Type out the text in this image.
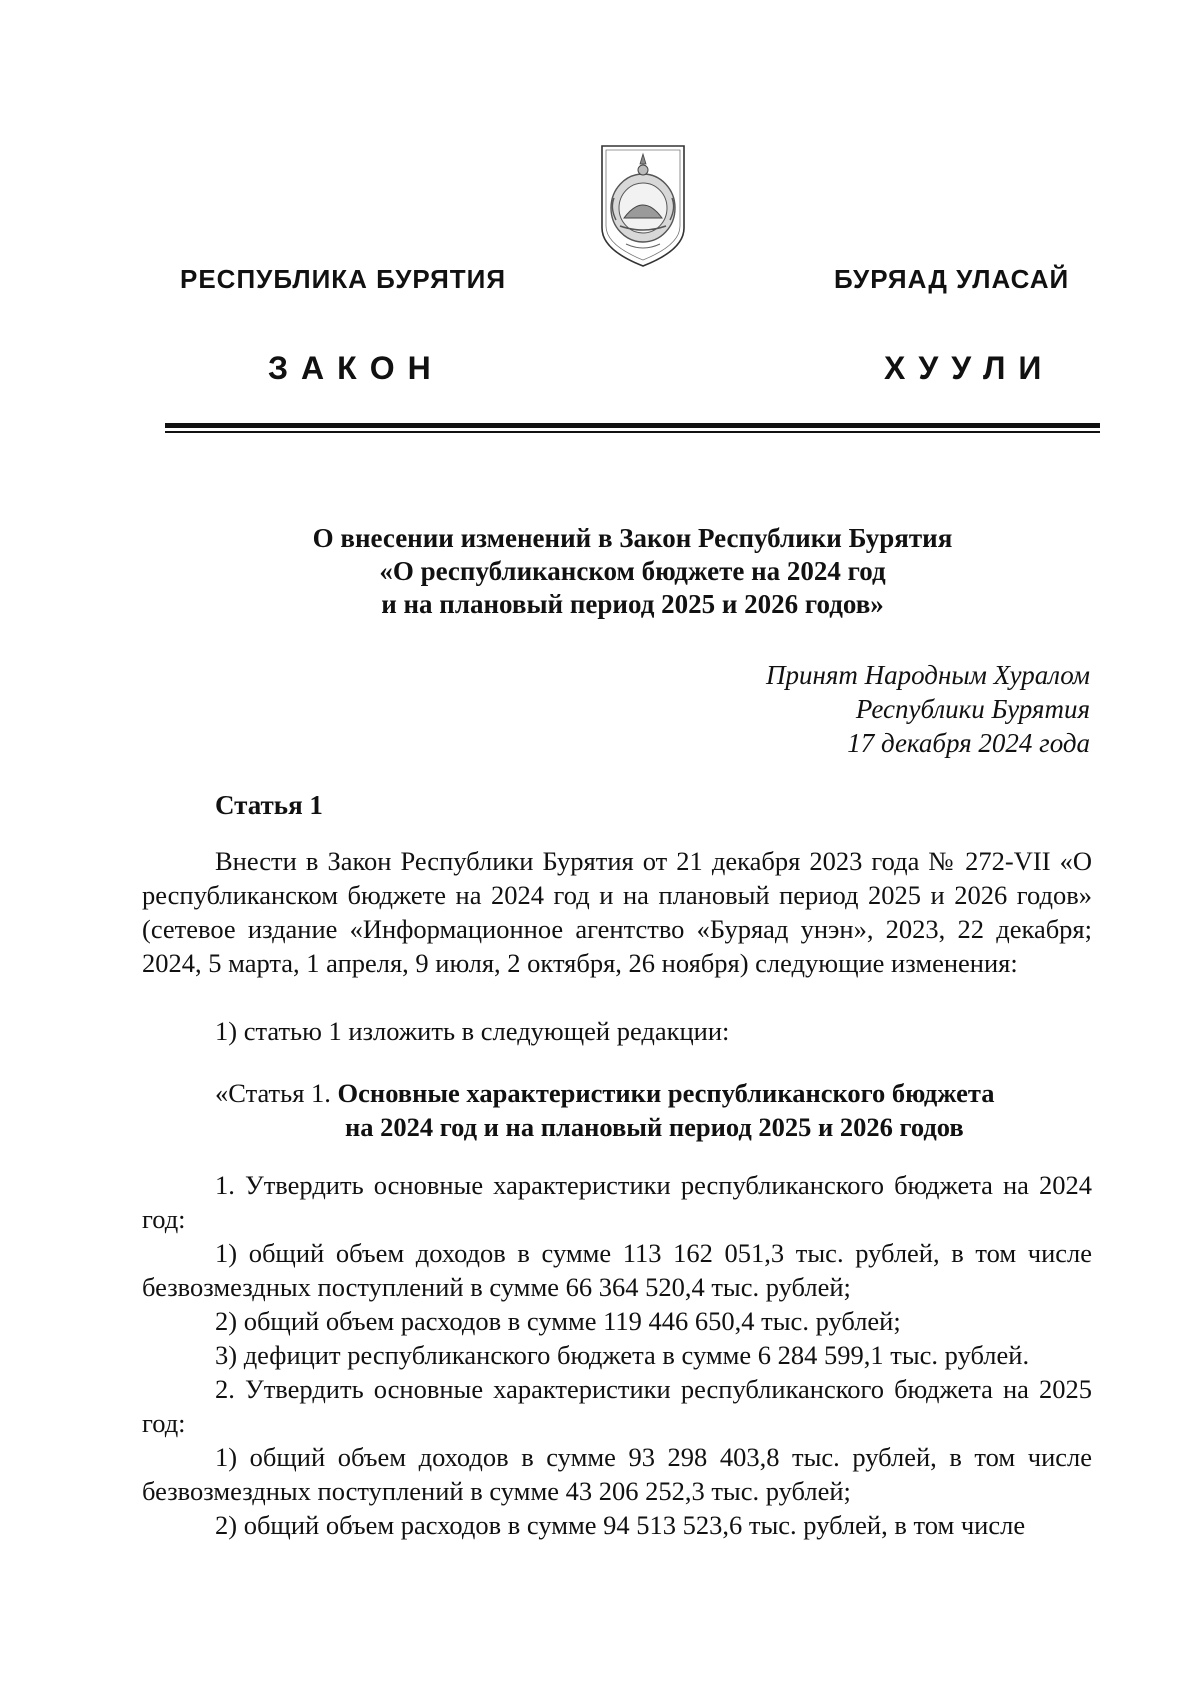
РЕСПУБЛИКА БУРЯТИЯ	БУРЯАД УЛАСАЙ
ЗАКОН	ХУУЛИ
О внесении изменений в Закон Республики Бурятия
«О республиканском бюджете на 2024 год
и на плановый период 2025 и 2026 годов»
Принят Народным Хуралом
Республики Бурятия
17 декабря 2024 года
Статья 1

Внести в Закон Республики Бурятия от 21 декабря 2023 года № 272-VII «О республиканском бюджете на 2024 год и на плановый период 2025 и 2026 годов» (сетевое издание «Информационное агентство «Буряад унэн», 2023, 22 декабря; 2024, 5 марта, 1 апреля, 9 июля, 2 октября, 26 ноября) следующие изменения:

1) статью 1 изложить в следующей редакции:

«Статья 1. Основные характеристики республиканского бюджета
на 2024 год и на плановый период 2025 и 2026 годов

1. Утвердить основные характеристики республиканского бюджета на 2024 год:

1) общий объем доходов в сумме 113 162 051,3 тыс. рублей, в том числе безвозмездных поступлений в сумме 66 364 520,4 тыс. рублей;

2) общий объем расходов в сумме 119 446 650,4 тыс. рублей;

3) дефицит республиканского бюджета в сумме 6 284 599,1 тыс. рублей.

2. Утвердить основные характеристики республиканского бюджета на 2025 год:

1) общий объем доходов в сумме 93 298 403,8 тыс. рублей, в том числе безвозмездных поступлений в сумме 43 206 252,3 тыс. рублей;

2) общий объем расходов в сумме 94 513 523,6 тыс. рублей, в том числе
